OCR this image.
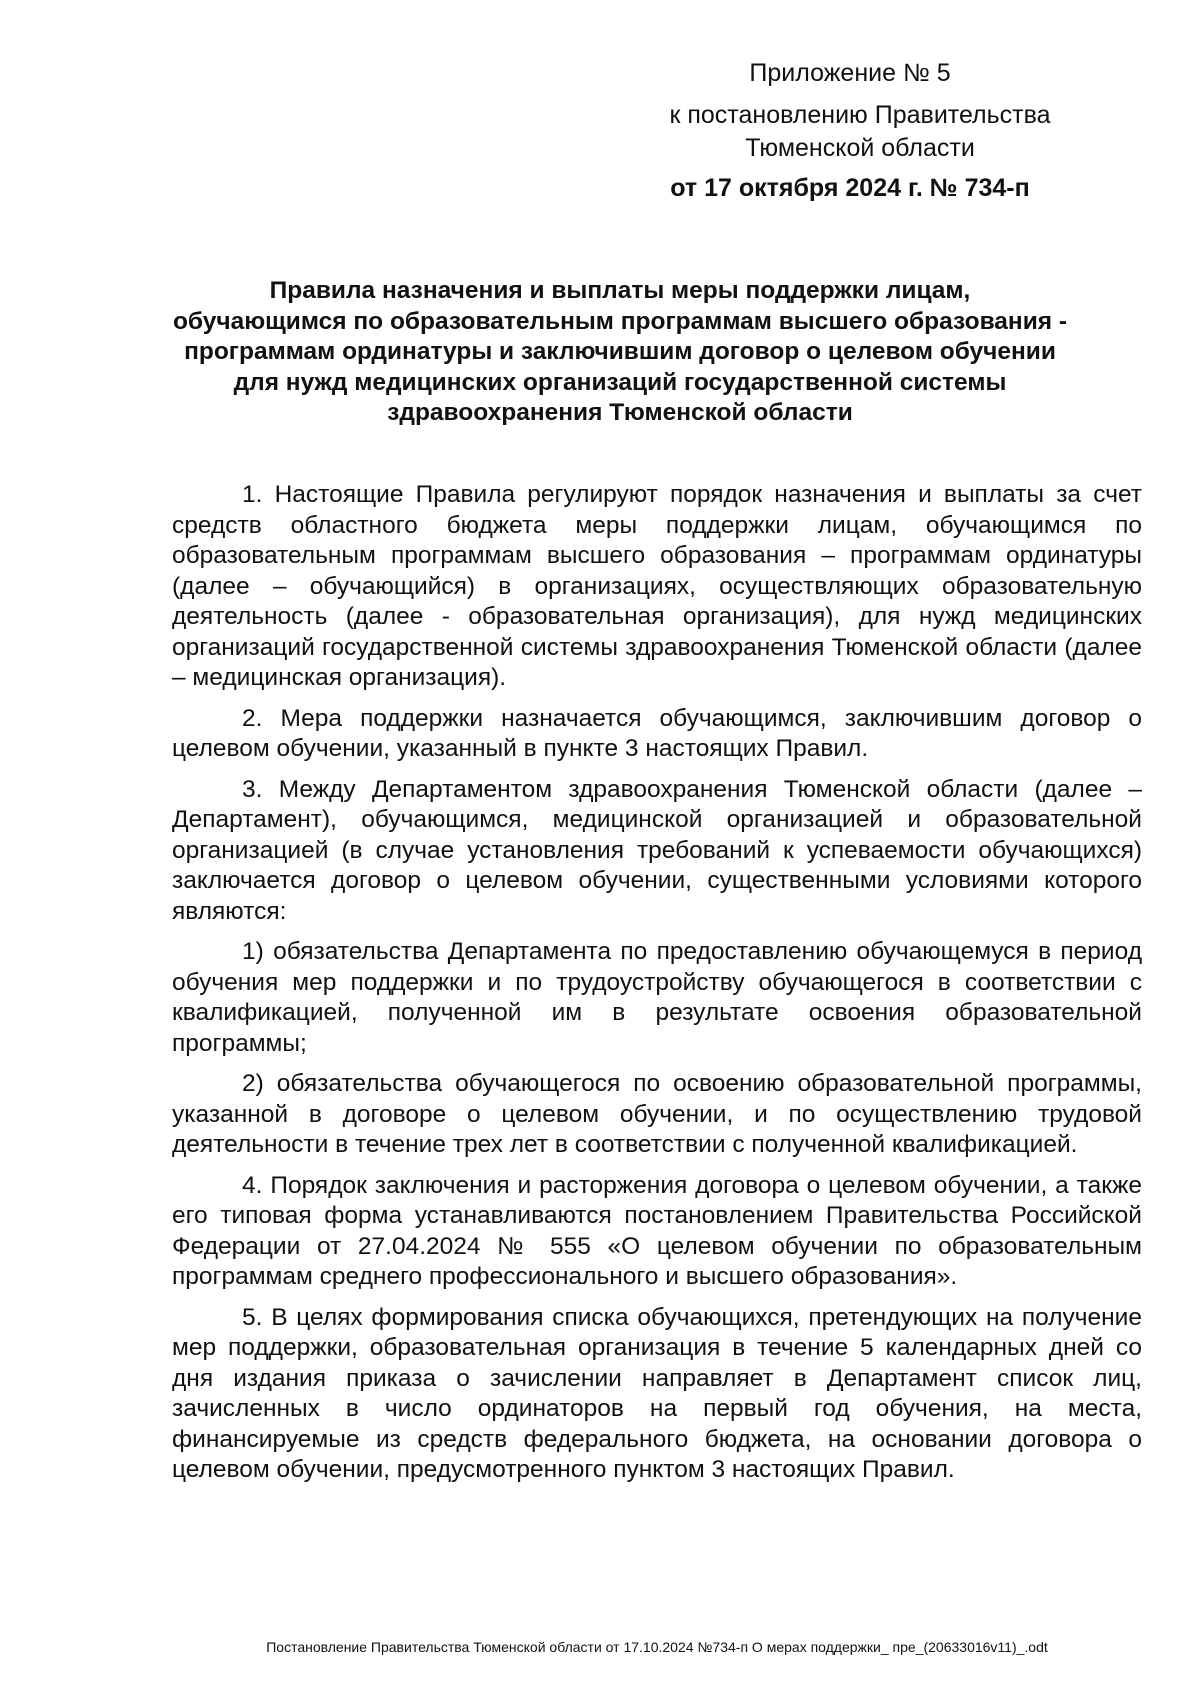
Приложение № 5
к постановлению Правительства
Тюменской области
от 17 октября 2024 г. № 734-п
Правила назначения и выплаты меры поддержки лицам,
обучающимся по образовательным программам высшего образования -
программам ординатуры и заключившим договор о целевом обучении
для нужд медицинских организаций государственной системы
здравоохранения Тюменской области

1. Настоящие Правила регулируют порядок назначения и выплаты за счет средств областного бюджета меры поддержки лицам, обучающимся по образовательным программам высшего образования – программам ординатуры (далее – обучающийся) в организациях, осуществляющих образовательную деятельность (далее - образовательная организация), для нужд медицинских организаций государственной системы здравоохранения Тюменской области (далее – медицинская организация).

2. Мера поддержки назначается обучающимся, заключившим договор о целевом обучении, указанный в пункте 3 настоящих Правил.

3. Между Департаментом здравоохранения Тюменской области (далее – Департамент), обучающимся, медицинской организацией и образовательной организацией (в случае установления требований к успеваемости обучающихся) заключается договор о целевом обучении, существенными условиями которого являются:

1) обязательства Департамента по предоставлению обучающемуся в период обучения мер поддержки и по трудоустройству обучающегося в соответствии с квалификацией, полученной им в результате освоения образовательной программы;

2) обязательства обучающегося по освоению образовательной программы, указанной в договоре о целевом обучении, и по осуществлению трудовой деятельности в течение трех лет в соответствии с полученной квалификацией.

4. Порядок заключения и расторжения договора о целевом обучении, а также его типовая форма устанавливаются постановлением Правительства Российской Федерации от 27.04.2024 № 555 «О целевом обучении по образовательным программам среднего профессионального и высшего образования».

5. В целях формирования списка обучающихся, претендующих на получение мер поддержки, образовательная организация в течение 5 календарных дней со дня издания приказа о зачислении направляет в Департамент список лиц, зачисленных в число ординаторов на первый год обучения, на места, финансируемые из средств федерального бюджета, на основании договора о целевом обучении, предусмотренного пунктом 3 настоящих Правил.

Постановление Правительства Тюменской области от 17.10.2024 №734-п О мерах поддержки_ пре_(20633016v11)_.odt
